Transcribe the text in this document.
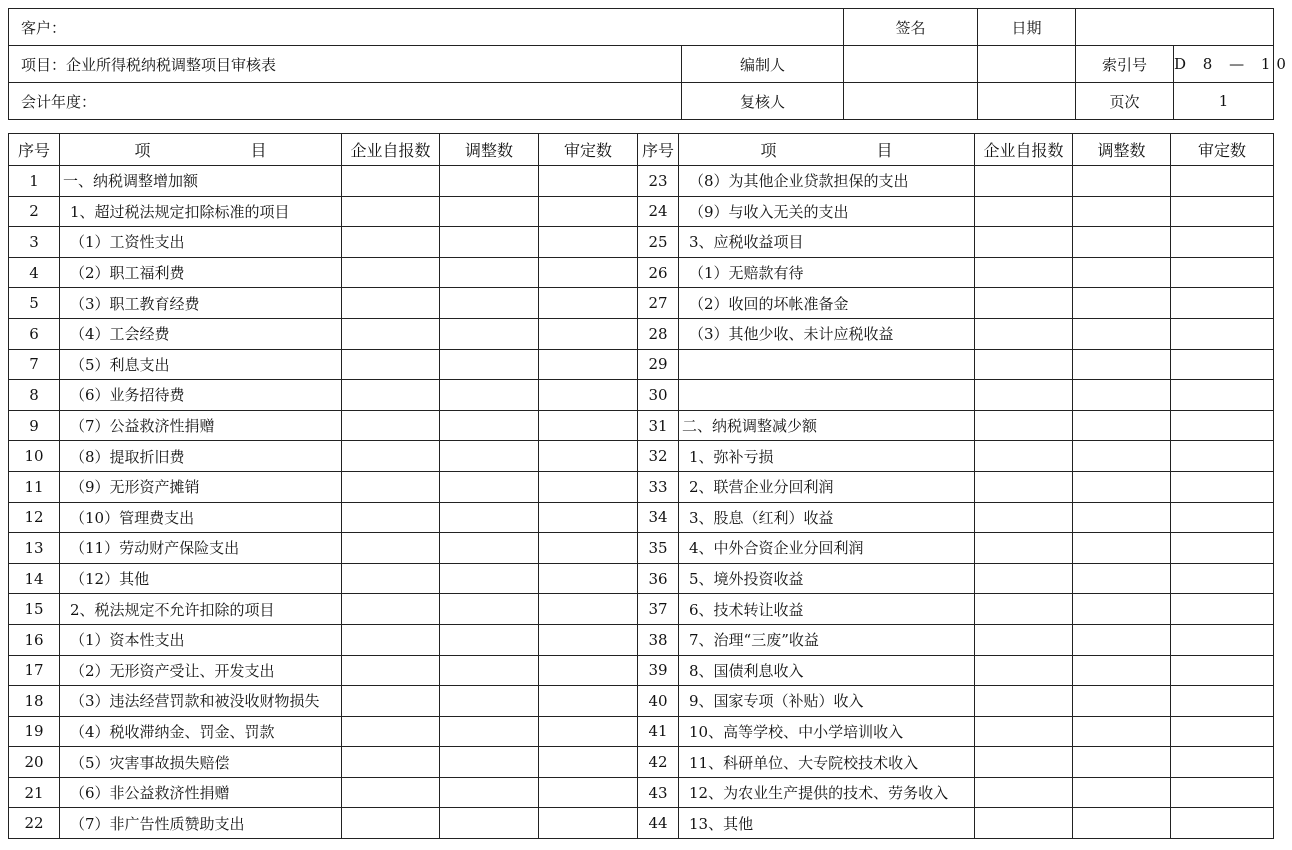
客户：		签名	日期		
项目：企业所得税纳税调整项目审核表	编制人			索引号	D 8 — 10
会计年度：	复核人			页次	1
序号	项 目	企业自报数	调整数	审定数	序号	项 目	企业自报数	调整数	审定数
1	一、纳税调整增加额				23	（8）为其他企业贷款担保的支出			
2	1、超过税法规定扣除标准的项目				24	（9）与收入无关的支出			
3	（1）工资性支出				25	3、应税收益项目			
4	（2）职工福利费				26	（1）无赔款有待			
5	（3）职工教育经费				27	（2）收回的坏帐准备金			
6	（4）工会经费				28	（3）其他少收、未计应税收益			
7	（5）利息支出				29				
8	（6）业务招待费				30				
9	（7）公益救济性捐赠				31	二、纳税调整减少额			
10	（8）提取折旧费				32	1、弥补亏损			
11	（9）无形资产摊销				33	2、联营企业分回利润			
12	（10）管理费支出				34	3、股息（红利）收益			
13	（11）劳动财产保险支出				35	4、中外合资企业分回利润			
14	（12）其他				36	5、境外投资收益			
15	2、税法规定不允许扣除的项目				37	6、技术转让收益			
16	（1）资本性支出				38	7、治理“三废”收益			
17	（2）无形资产受让、开发支出				39	8、国债利息收入			
18	（3）违法经营罚款和被没收财物损失				40	9、国家专项（补贴）收入			
19	（4）税收滞纳金、罚金、罚款				41	10、高等学校、中小学培训收入			
20	（5）灾害事故损失赔偿				42	11、科研单位、大专院校技术收入			
21	（6）非公益救济性捐赠				43	12、为农业生产提供的技术、劳务收入			
22	（7）非广告性质赞助支出				44	13、其他			
